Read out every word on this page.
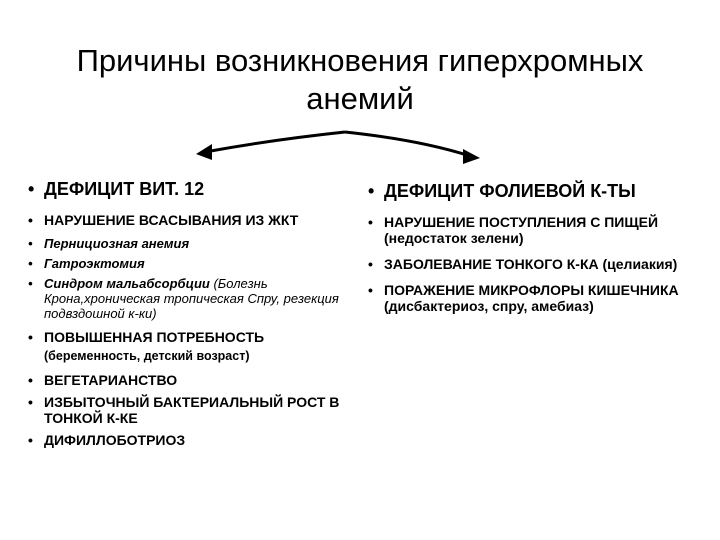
Причины возникновения гиперхромных
анемий
• ДЕФИЦИТ ВИТ. 12
• НАРУШЕНИЕ ВСАСЫВАНИЯ ИЗ ЖКТ
• Пернициозная анемия
• Гатроэктомия
• Синдром мальабсорбции (Болезнь Крона,хроническая тропическая Спру, резекция подвздошной к-ки)
• ПОВЫШЕННАЯ ПОТРЕБНОСТЬ
(беременность, детский возраст)
• ВЕГЕТАРИАНСТВО
• ИЗБЫТОЧНЫЙ БАКТЕРИАЛЬНЫЙ РОСТ В ТОНКОЙ К-КЕ
• ДИФИЛЛОБОТРИОЗ
• ДЕФИЦИТ ФОЛИЕВОЙ К-ТЫ
• НАРУШЕНИЕ ПОСТУПЛЕНИЯ С ПИЩЕЙ (недостаток зелени)
• ЗАБОЛЕВАНИЕ ТОНКОГО К-КА (целиакия)
• ПОРАЖЕНИЕ МИКРОФЛОРЫ КИШЕЧНИКА (дисбактериоз, спру, амебиаз)
